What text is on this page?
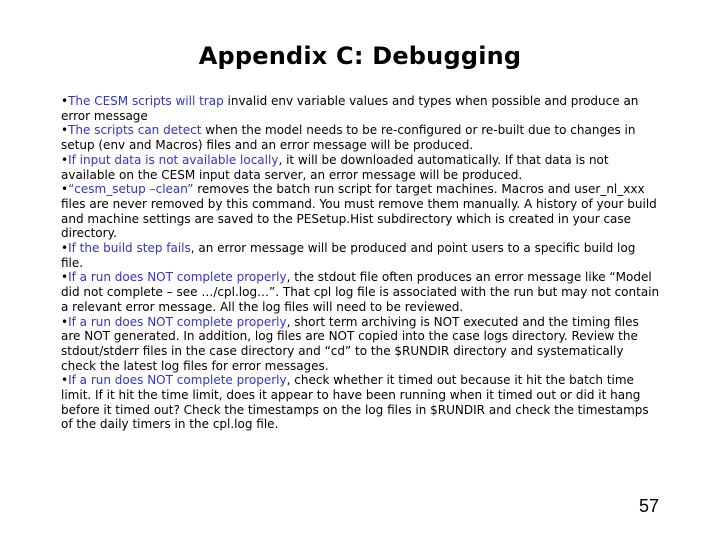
Appendix C: Debugging

•The CESM scripts will trap invalid env variable values and types when possible and produce an error message

•The scripts can detect when the model needs to be re-configured or re-built due to changes in setup (env and Macros) files and an error message will be produced.

•If input data is not available locally, it will be downloaded automatically. If that data is not available on the CESM input data server, an error message will be produced.

•“cesm_setup –clean” removes the batch run script for target machines. Macros and user_nl_xxx files are never removed by this command. You must remove them manually. A history of your build and machine settings are saved to the PESetup.Hist subdirectory which is created in your case directory.

•If the build step fails, an error message will be produced and point users to a specific build log file.

•If a run does NOT complete properly, the stdout file often produces an error message like “Model did not complete – see …/cpl.log…”. That cpl log file is associated with the run but may not contain a relevant error message. All the log files will need to be reviewed.

•If a run does NOT complete properly, short term archiving is NOT executed and the timing files are NOT generated. In addition, log files are NOT copied into the case logs directory. Review the stdout/stderr files in the case directory and “cd” to the $RUNDIR directory and systematically check the latest log files for error messages.

•If a run does NOT complete properly, check whether it timed out because it hit the batch time limit. If it hit the time limit, does it appear to have been running when it timed out or did it hang before it timed out? Check the timestamps on the log files in $RUNDIR and check the timestamps of the daily timers in the cpl.log file.

57
